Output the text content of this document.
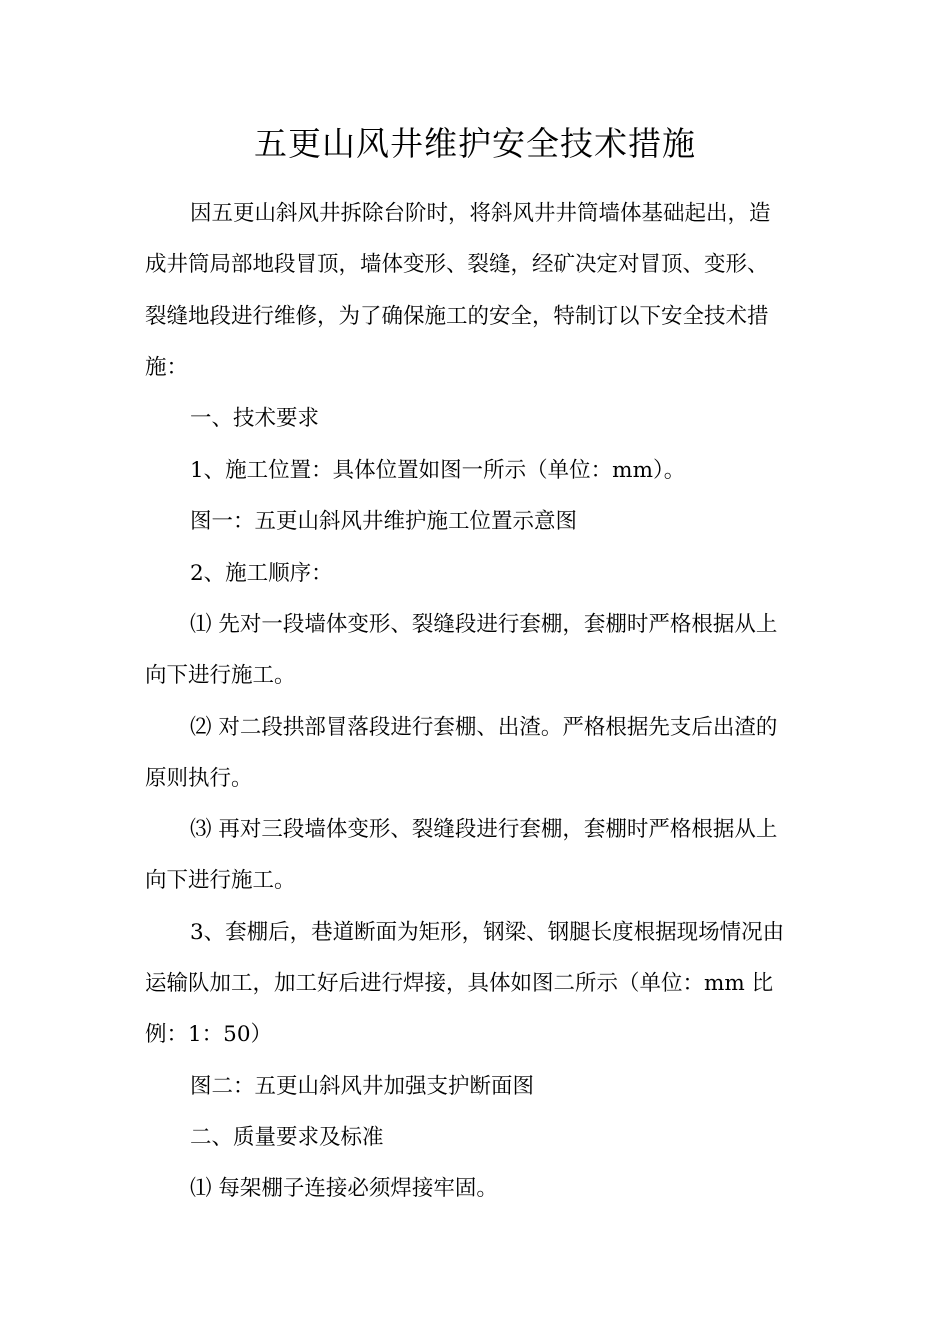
五更山风井维护安全技术措施
因五更山斜风井拆除台阶时，将斜风井井筒墙体基础起出，造
成井筒局部地段冒顶，墙体变形、裂缝，经矿决定对冒顶、变形、
裂缝地段进行维修，为了确保施工的安全，特制订以下安全技术措
施：
一、技术要求
1、施工位置：具体位置如图一所示（单位：mm）。
图一：五更山斜风井维护施工位置示意图
2、施工顺序：
⑴ 先对一段墙体变形、裂缝段进行套棚，套棚时严格根据从上
向下进行施工。
⑵ 对二段拱部冒落段进行套棚、出渣。严格根据先支后出渣的
原则执行。
⑶ 再对三段墙体变形、裂缝段进行套棚，套棚时严格根据从上
向下进行施工。
3、套棚后，巷道断面为矩形，钢梁、钢腿长度根据现场情况由
运输队加工，加工好后进行焊接，具体如图二所示（单位：mm 比
例：1：50）
图二：五更山斜风井加强支护断面图
二、质量要求及标准
⑴ 每架棚子连接必须焊接牢固。
